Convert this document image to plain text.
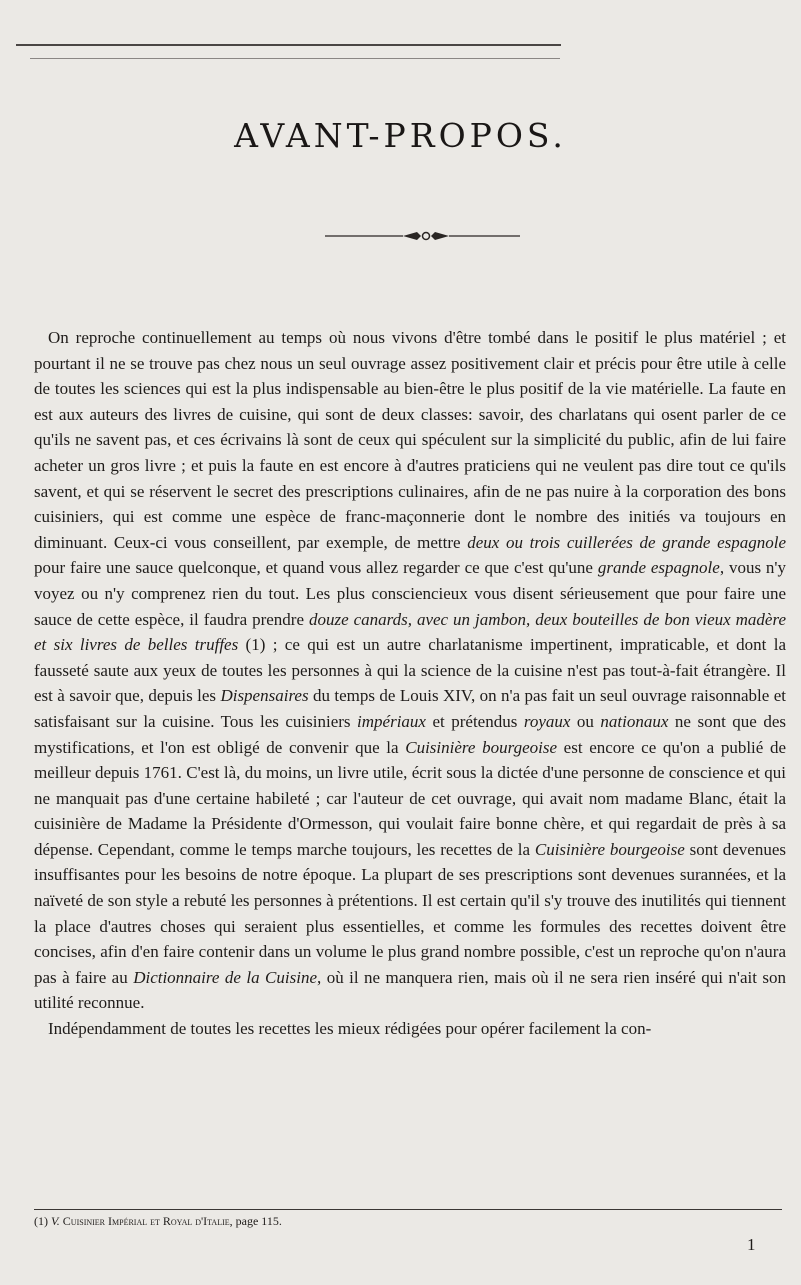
AVANT-PROPOS.

On reproche continuellement au temps où nous vivons d'être tombé dans le positif le plus matériel ; et pourtant il ne se trouve pas chez nous un seul ouvrage assez positivement clair et précis pour être utile à celle de toutes les sciences qui est la plus indispensable au bien-être le plus positif de la vie matérielle. La faute en est aux auteurs des livres de cuisine, qui sont de deux classes: savoir, des charlatans qui osent parler de ce qu'ils ne savent pas, et ces écrivains là sont de ceux qui spéculent sur la simplicité du public, afin de lui faire acheter un gros livre ; et puis la faute en est encore à d'autres praticiens qui ne veulent pas dire tout ce qu'ils savent, et qui se réservent le secret des prescriptions culinaires, afin de ne pas nuire à la corporation des bons cuisiniers, qui est comme une espèce de franc-maçonnerie dont le nombre des initiés va toujours en diminuant. Ceux-ci vous conseillent, par exemple, de mettre deux ou trois cuillerées de grande espagnole pour faire une sauce quelconque, et quand vous allez regarder ce que c'est qu'une grande espagnole, vous n'y voyez ou n'y comprenez rien du tout. Les plus consciencieux vous disent sérieusement que pour faire une sauce de cette espèce, il faudra prendre douze canards, avec un jambon, deux bouteilles de bon vieux madère et six livres de belles truffes (1) ; ce qui est un autre charlatanisme impertinent, impraticable, et dont la fausseté saute aux yeux de toutes les personnes à qui la science de la cuisine n'est pas tout-à-fait étrangère. Il est à savoir que, depuis les Dispensaires du temps de Louis XIV, on n'a pas fait un seul ouvrage raisonnable et satisfaisant sur la cuisine. Tous les cuisiniers impériaux et prétendus royaux ou nationaux ne sont que des mystifications, et l'on est obligé de convenir que la Cuisinière bourgeoise est encore ce qu'on a publié de meilleur depuis 1761. C'est là, du moins, un livre utile, écrit sous la dictée d'une personne de conscience et qui ne manquait pas d'une certaine habileté ; car l'auteur de cet ouvrage, qui avait nom madame Blanc, était la cuisinière de Madame la Présidente d'Ormesson, qui voulait faire bonne chère, et qui regardait de près à sa dépense. Cependant, comme le temps marche toujours, les recettes de la Cuisinière bourgeoise sont devenues insuffisantes pour les besoins de notre époque. La plupart de ses prescriptions sont devenues surannées, et la naïveté de son style a rebuté les personnes à prétentions. Il est certain qu'il s'y trouve des inutilités qui tiennent la place d'autres choses qui seraient plus essentielles, et comme les formules des recettes doivent être concises, afin d'en faire contenir dans un volume le plus grand nombre possible, c'est un reproche qu'on n'aura pas à faire au Dictionnaire de la Cuisine, où il ne manquera rien, mais où il ne sera rien inséré qui n'ait son utilité reconnue.

Indépendamment de toutes les recettes les mieux rédigées pour opérer facilement la con-

(1) V. Cuisinier Impérial et Royal d'Italie, page 115.
1
